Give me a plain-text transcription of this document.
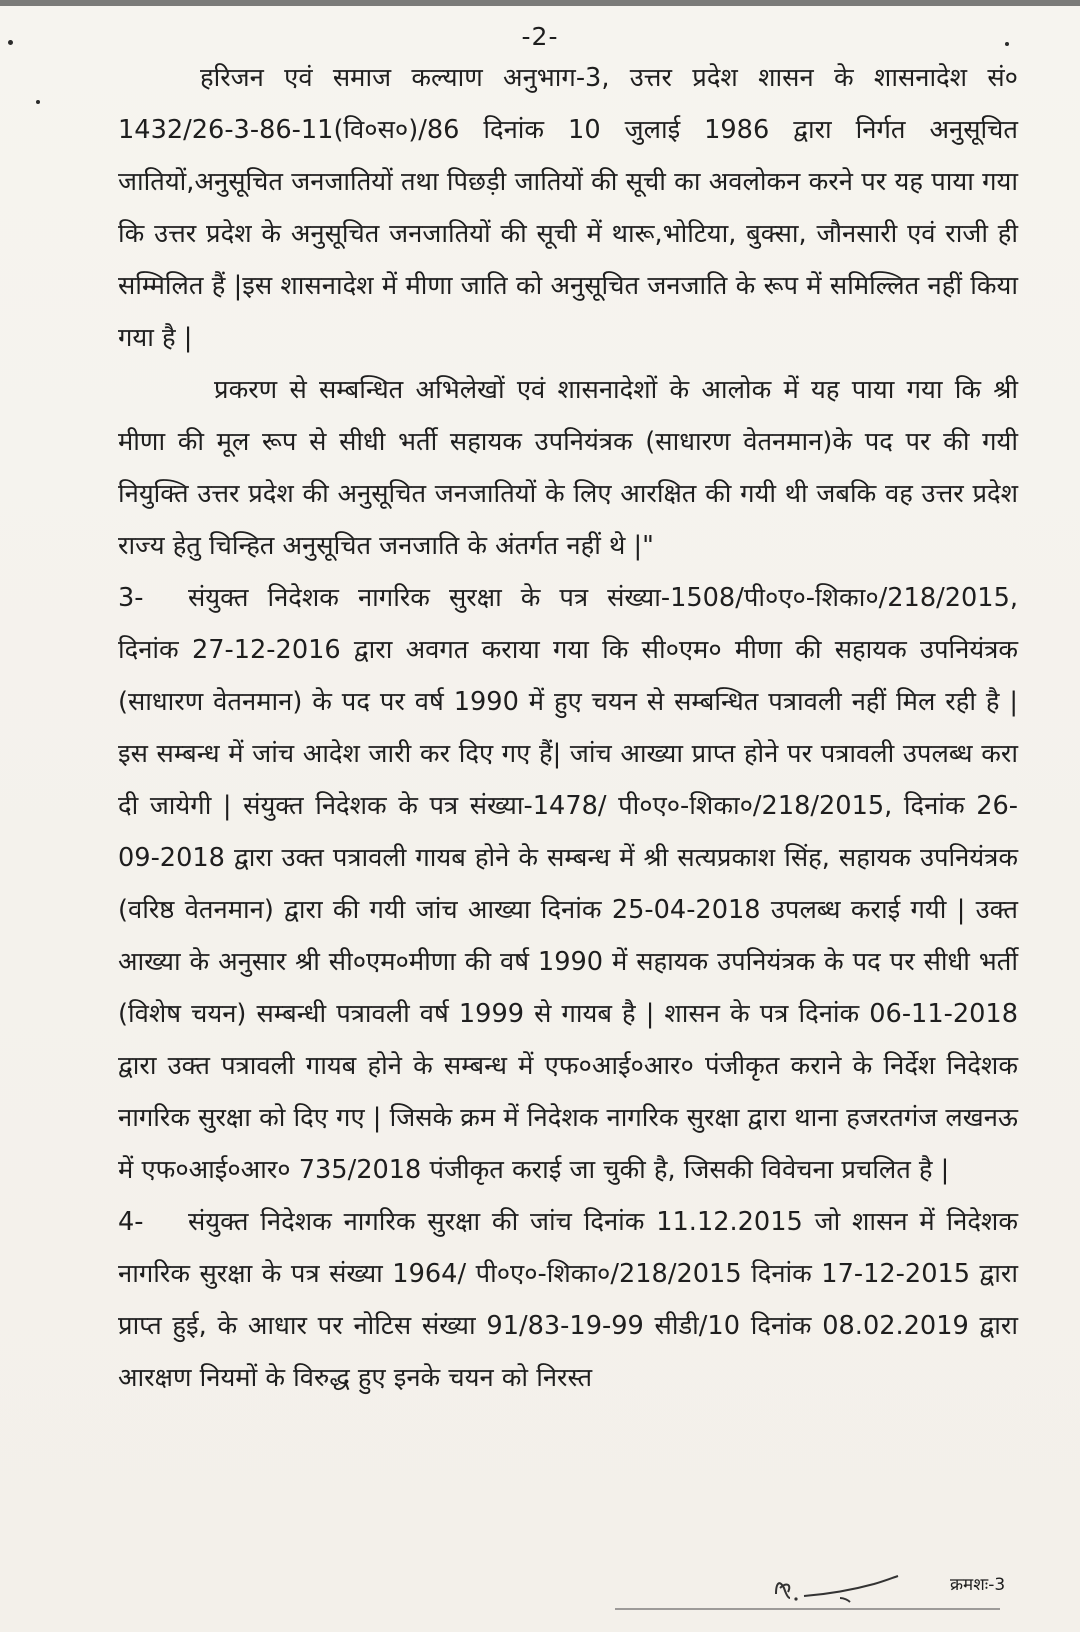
-2-

हरिजन एवं समाज कल्याण अनुभाग-3, उत्तर प्रदेश शासन के शासनादेश सं० 1432/26-3-86-11(वि०स०)/86 दिनांक 10 जुलाई 1986 द्वारा निर्गत अनुसूचित जातियों,अनुसूचित जनजातियों तथा पिछड़ी जातियों की सूची का अवलोकन करने पर यह पाया गया कि उत्तर प्रदेश के अनुसूचित जनजातियों की सूची में थारू,भोटिया, बुक्सा, जौनसारी एवं राजी ही सम्मिलित हैं |इस शासनादेश में मीणा जाति को अनुसूचित जनजाति के रूप में समिल्लित नहीं किया गया है |

प्रकरण से सम्बन्धित अभिलेखों एवं शासनादेशों के आलोक में यह पाया गया कि श्री मीणा की मूल रूप से सीधी भर्ती सहायक उपनियंत्रक (साधारण वेतनमान)के पद पर की गयी नियुक्ति उत्तर प्रदेश की अनुसूचित जनजातियों के लिए आरक्षित की गयी थी जबकि वह उत्तर प्रदेश राज्य हेतु चिन्हित अनुसूचित जनजाति के अंतर्गत नहीं थे |"

3- संयुक्त निदेशक नागरिक सुरक्षा के पत्र संख्या-1508/पी०ए०-शिका०/218/2015, दिनांक 27-12-2016 द्वारा अवगत कराया गया कि सी०एम० मीणा की सहायक उपनियंत्रक (साधारण वेतनमान) के पद पर वर्ष 1990 में हुए चयन से सम्बन्धित पत्रावली नहीं मिल रही है | इस सम्बन्ध में जांच आदेश जारी कर दिए गए हैं| जांच आख्या प्राप्त होने पर पत्रावली उपलब्ध करा दी जायेगी | संयुक्त निदेशक के पत्र संख्या-1478/ पी०ए०-शिका०/218/2015, दिनांक 26-09-2018 द्वारा उक्त पत्रावली गायब होने के सम्बन्ध में श्री सत्यप्रकाश सिंह, सहायक उपनियंत्रक (वरिष्ठ वेतनमान) द्वारा की गयी जांच आख्या दिनांक 25-04-2018 उपलब्ध कराई गयी | उक्त आख्या के अनुसार श्री सी०एम०मीणा की वर्ष 1990 में सहायक उपनियंत्रक के पद पर सीधी भर्ती (विशेष चयन) सम्बन्धी पत्रावली वर्ष 1999 से गायब है | शासन के पत्र दिनांक 06-11-2018 द्वारा उक्त पत्रावली गायब होने के सम्बन्ध में एफ०आई०आर० पंजीकृत कराने के निर्देश निदेशक नागरिक सुरक्षा को दिए गए | जिसके क्रम में निदेशक नागरिक सुरक्षा द्वारा थाना हजरतगंज लखनऊ में एफ०आई०आर० 735/2018 पंजीकृत कराई जा चुकी है, जिसकी विवेचना प्रचलित है |

4- संयुक्त निदेशक नागरिक सुरक्षा की जांच दिनांक 11.12.2015 जो शासन में निदेशक नागरिक सुरक्षा के पत्र संख्या 1964/ पी०ए०-शिका०/218/2015 दिनांक 17-12-2015 द्वारा प्राप्त हुई, के आधार पर नोटिस संख्या 91/83-19-99 सीडी/10 दिनांक 08.02.2019 द्वारा आरक्षण नियमों के विरुद्ध हुए इनके चयन को निरस्त

क्रमशः-3
